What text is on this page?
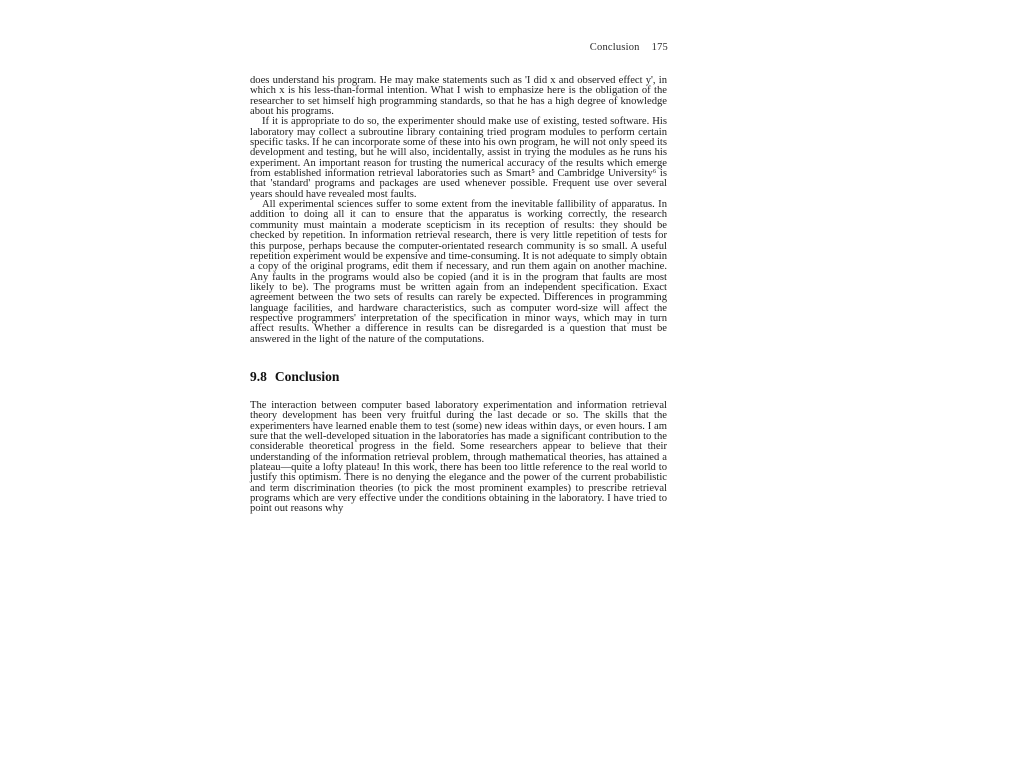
Conclusion 175

does understand his program. He may make statements such as 'I did x and observed effect y', in which x is his less-than-formal intention. What I wish to emphasize here is the obligation of the researcher to set himself high programming standards, so that he has a high degree of knowledge about his programs.

If it is appropriate to do so, the experimenter should make use of existing, tested software. His laboratory may collect a subroutine library containing tried program modules to perform certain specific tasks. If he can incorporate some of these into his own program, he will not only speed its development and testing, but he will also, incidentally, assist in trying the modules as he runs his experiment. An important reason for trusting the numerical accuracy of the results which emerge from established information retrieval laboratories such as Smart⁵ and Cambridge University⁶ is that 'standard' programs and packages are used whenever possible. Frequent use over several years should have revealed most faults.

All experimental sciences suffer to some extent from the inevitable fallibility of apparatus. In addition to doing all it can to ensure that the apparatus is working correctly, the research community must maintain a moderate scepticism in its reception of results: they should be checked by repetition. In information retrieval research, there is very little repetition of tests for this purpose, perhaps because the computer-orientated research community is so small. A useful repetition experiment would be expensive and time-consuming. It is not adequate to simply obtain a copy of the original programs, edit them if necessary, and run them again on another machine. Any faults in the programs would also be copied (and it is in the program that faults are most likely to be). The programs must be written again from an independent specification. Exact agreement between the two sets of results can rarely be expected. Differences in programming language facilities, and hardware characteristics, such as computer word-size will affect the respective programmers' interpretation of the specification in minor ways, which may in turn affect results. Whether a difference in results can be disregarded is a question that must be answered in the light of the nature of the computations.

9.8 Conclusion

The interaction between computer based laboratory experimentation and information retrieval theory development has been very fruitful during the last decade or so. The skills that the experimenters have learned enable them to test (some) new ideas within days, or even hours. I am sure that the well-developed situation in the laboratories has made a significant contribution to the considerable theoretical progress in the field. Some researchers appear to believe that their understanding of the information retrieval problem, through mathematical theories, has attained a plateau—quite a lofty plateau! In this work, there has been too little reference to the real world to justify this optimism. There is no denying the elegance and the power of the current probabilistic and term discrimination theories (to pick the most prominent examples) to prescribe retrieval programs which are very effective under the conditions obtaining in the laboratory. I have tried to point out reasons why
